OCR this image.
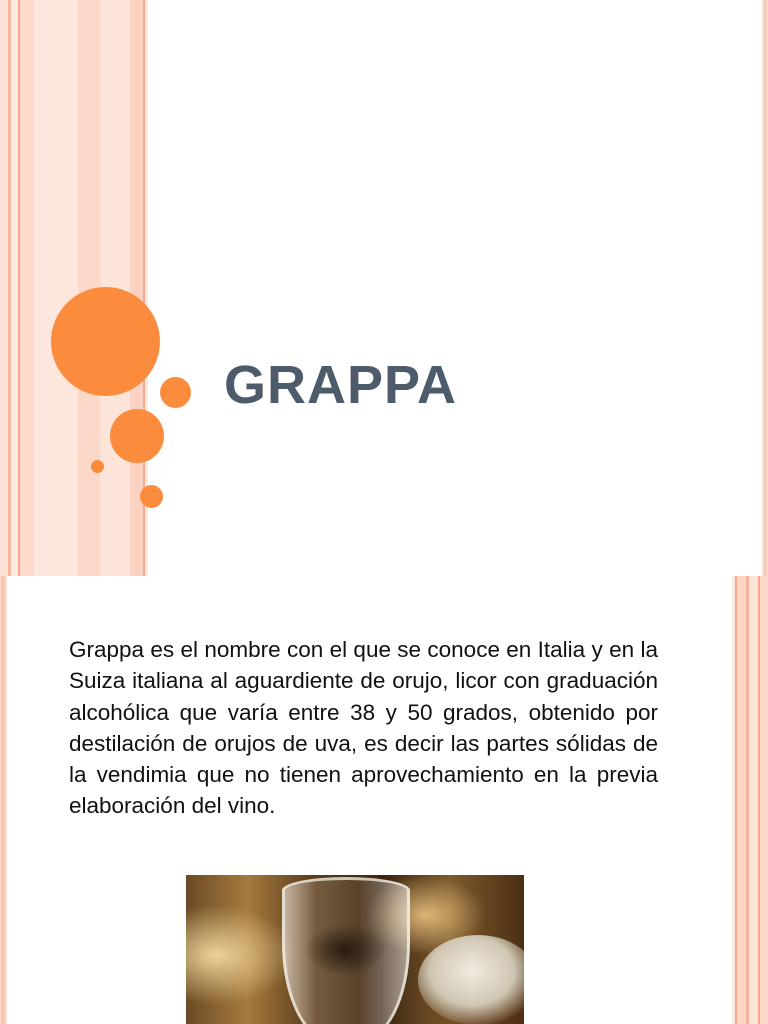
GRAPPA

Grappa es el nombre con el que se conoce en Italia y en la Suiza italiana al aguardiente de orujo, licor con graduación alcohólica que varía entre 38 y 50 grados, obtenido por destilación de orujos de uva, es decir las partes sólidas de la vendimia que no tienen aprovechamiento en la previa elaboración del vino.
